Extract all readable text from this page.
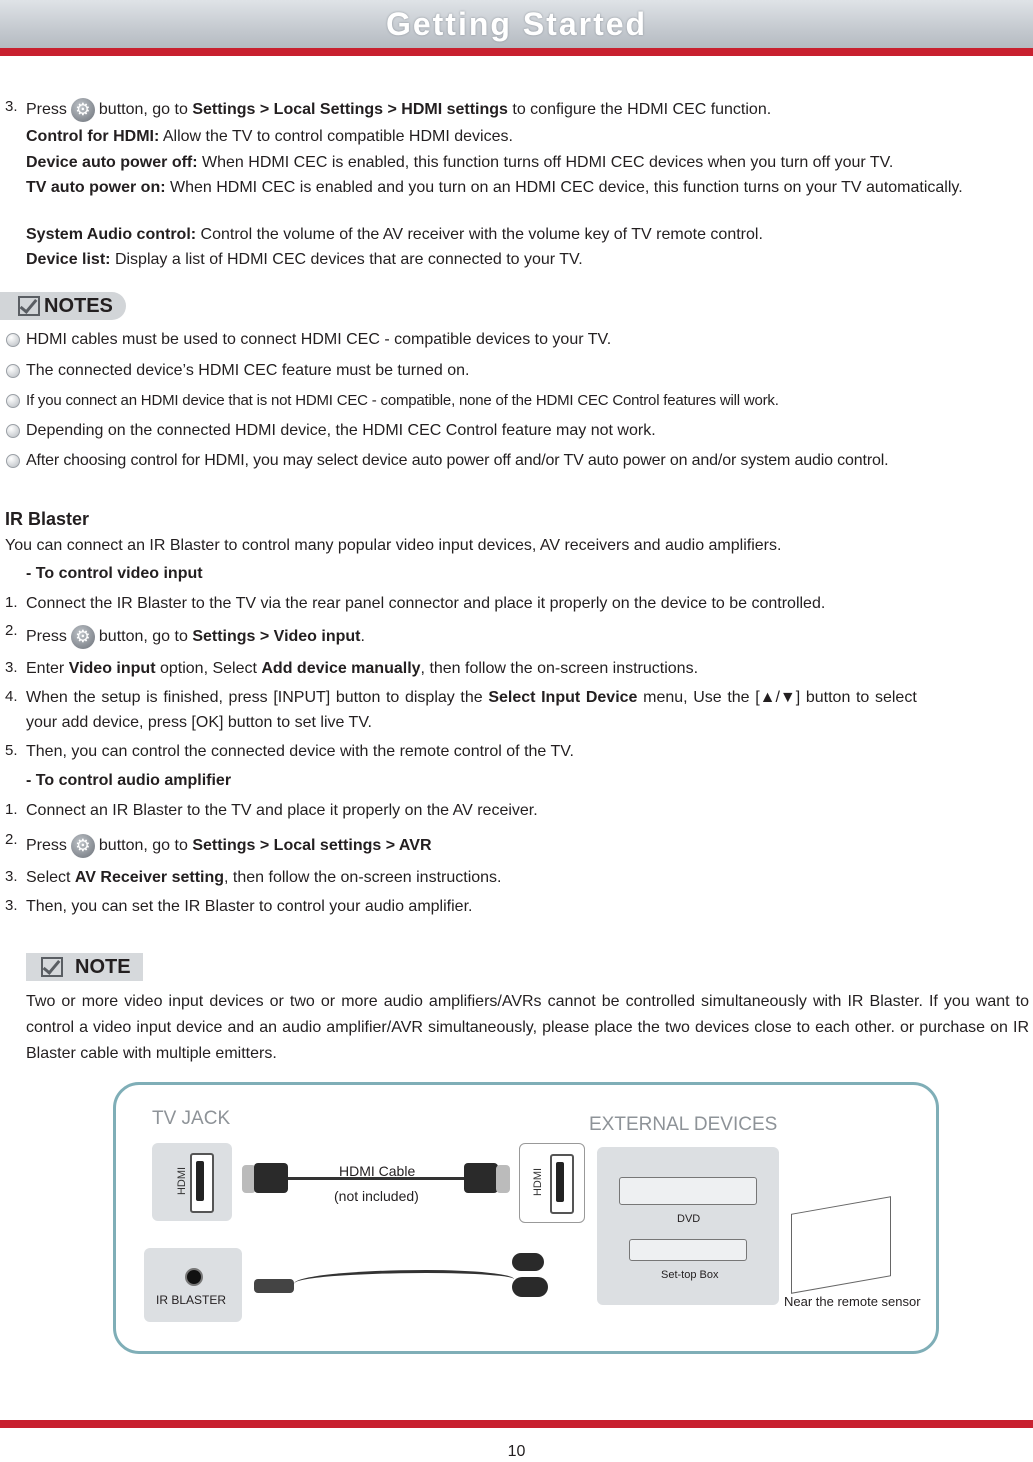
Getting Started
3. Press ⚙ button, go to Settings > Local Settings > HDMI settings to configure the HDMI CEC function.
Control for HDMI: Allow the TV to control compatible HDMI devices.
Device auto power off: When HDMI CEC is enabled, this function turns off HDMI CEC devices when you turn off your TV.
TV auto power on: When HDMI CEC is enabled and you turn on an HDMI CEC device, this function turns on your TV automatically.
System Audio control: Control the volume of the AV receiver with the volume key of TV remote control.
Device list: Display a list of HDMI CEC devices that are connected to your TV.
NOTES
HDMI cables must be used to connect HDMI CEC - compatible devices to your TV.
The connected device’s HDMI CEC feature must be turned on.
If you connect an HDMI device that is not HDMI CEC - compatible, none of the HDMI CEC Control features will work.
Depending on the connected HDMI device, the HDMI CEC Control feature may not work.
After choosing control for HDMI, you may select device auto power off and/or TV auto power on and/or system audio control.
IR Blaster
You can connect an IR Blaster to control many popular video input devices, AV receivers and audio amplifiers.
- To control video input
1. Connect the IR Blaster to the TV via the rear panel connector and place it properly on the device to be controlled.
2. Press ⚙ button, go to Settings > Video input.
3. Enter Video input option, Select Add device manually, then follow the on-screen instructions.
4. When the setup is finished, press [INPUT] button to display the Select Input Device menu, Use the [▲/▼] button to select
your add device, press [OK] button to set live TV.
5. Then, you can control the connected device with the remote control of the TV.
- To control audio amplifier
1. Connect an IR Blaster to the TV and place it properly on the AV receiver.
2. Press ⚙ button, go to Settings > Local settings > AVR
3. Select AV Receiver setting, then follow the on-screen instructions.
3. Then, you can set the IR Blaster to control your audio amplifier.
NOTE
Two or more video input devices or two or more audio amplifiers/AVRs cannot be controlled simultaneously with IR Blaster. If you want to control a video input device and an audio amplifier/AVR simultaneously, please place the two devices close to each other. or purchase on IR Blaster cable with multiple emitters.
TV JACK	EXTERNAL DEVICES
HDMI	HDMI Cable
(not included)	HDMI
DVD
Set-top Box
Near the remote sensor
IR BLASTER
10
